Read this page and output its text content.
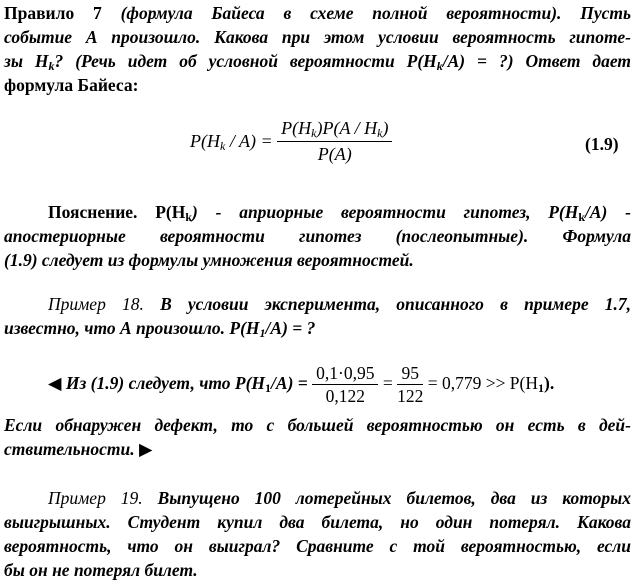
Правило 7 (формула Байеса в схеме полной вероятности). Пусть
событие А произошло. Какова при этом условии вероятность гипоте-
зы $Н_k$? (Речь идет об условной вероятности $Р(Н_k/А)$ = ?) Ответ дает
формула Байеса:
$P(H_k / A) = \frac{P(H_k)P(A / H_k)}{P(A)}$	(1.9)
Пояснение. $Р(Н_k)$ - априорные вероятности гипотез, $Р(Н_k/А)$ -
апостериорные вероятности гипотез (послеопытные). Формула
(1.9) следует из формулы умножения вероятностей.
Пример 18. В условии эксперимента, описанного в примере 1.7,
известно, что А произошло. $Р(Н_1/А)$ = ?
◀ Из (1.9) следует, что $Р(Н_1/А) = \frac{0,1\cdot 0,95}{0,122} = \frac{95}{122} = 0,779 >> Р(Н_1)$.
Если обнаружен дефект, то с большей вероятностью он есть в дей-
ствительности. ▶
Пример 19. Выпущено 100 лотерейных билетов, два из которых
выигрышных. Студент купил два билета, но один потерял. Какова
вероятность, что он выиграл? Сравните с той вероятностью, если
бы он не потерял билет.
